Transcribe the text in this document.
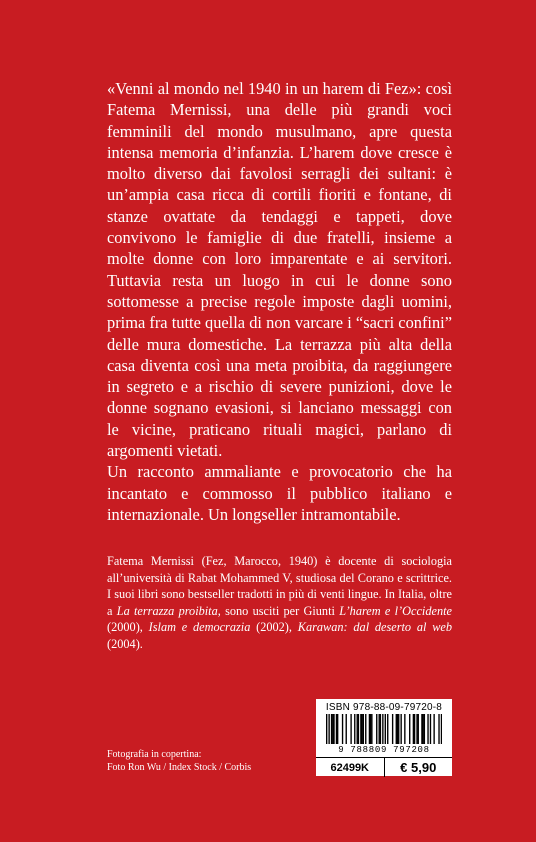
«Venni al mondo nel 1940 in un harem di Fez»: così Fatema Mernissi, una delle più grandi voci femminili del mondo musulmano, apre questa intensa memoria d’infanzia. L’harem dove cresce è molto diverso dai favolosi serragli dei sultani: è un’ampia casa ricca di cortili fioriti e fontane, di stanze ovattate da tendaggi e tappeti, dove convivono le famiglie di due fratelli, insieme a molte donne con loro imparentate e ai servitori. Tuttavia resta un luogo in cui le donne sono sottomesse a precise regole imposte dagli uomini, prima fra tutte quella di non varcare i “sacri confini” delle mura domestiche. La terrazza più alta della casa diventa così una meta proibita, da raggiungere in segreto e a rischio di severe punizioni, dove le donne sognano evasioni, si lanciano messaggi con le vicine, praticano rituali magici, parlano di argomenti vietati.

Un racconto ammaliante e provocatorio che ha incantato e commosso il pubblico italiano e internazionale. Un longseller intramontabile.

Fatema Mernissi (Fez, Marocco, 1940) è docente di sociologia all’università di Rabat Mohammed V, studiosa del Corano e scrittrice. I suoi libri sono bestseller tradotti in più di venti lingue. In Italia, oltre a La terrazza proibita, sono usciti per Giunti L’harem e l’Occidente (2000), Islam e democrazia (2002), Karawan: dal deserto al web (2004).

Fotografia in copertina:

Foto Ron Wu / Index Stock / Corbis

ISBN 978-88-09-79720-8
9 788809 797208
62499K	€ 5,90
